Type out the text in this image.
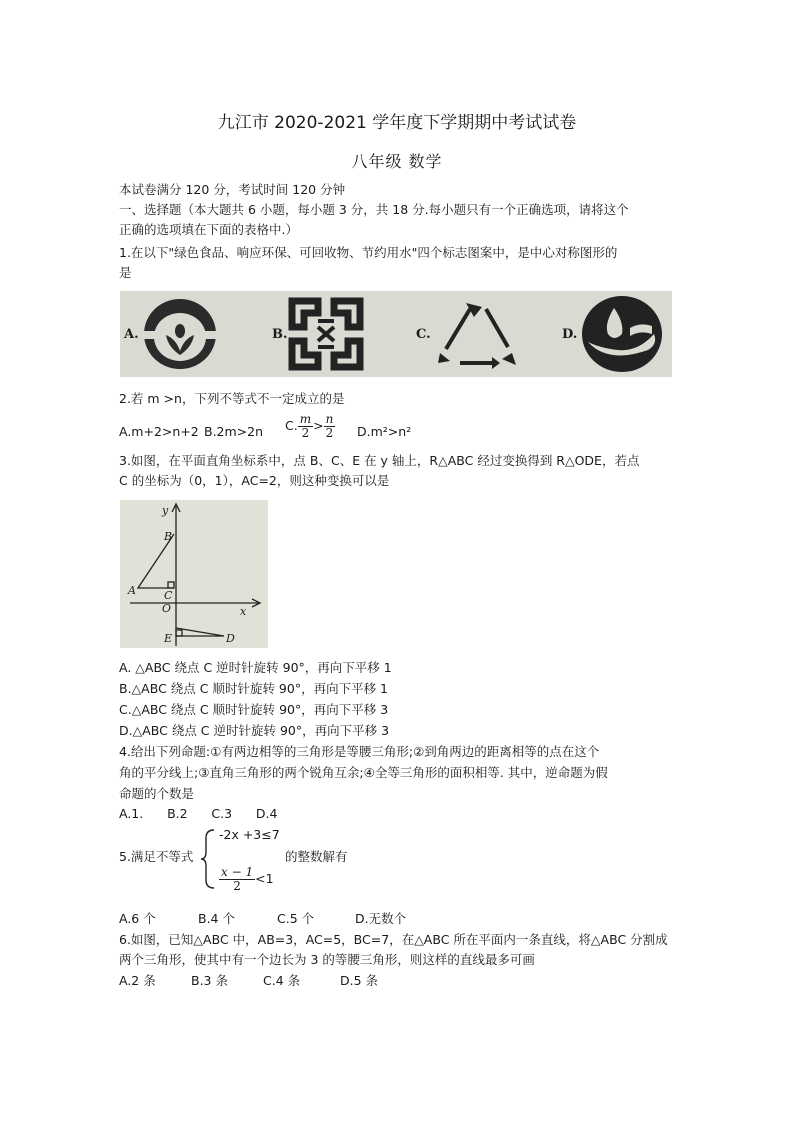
九江市 2020-2021 学年度下学期期中考试试卷
八年级 数学
本试卷满分 120 分，考试时间 120 分钟
一、选择题（本大题共 6 小题，每小题 3 分，共 18 分.每小题只有一个正确选项，请将这个
正确的选项填在下面的表格中.）
1.在以下"绿色食品、响应环保、可回收物、节约用水"四个标志图案中，是中心对称图形的
是
A.	B.	C.	D.
2.若 m >n，下列不等式不一定成立的是
A.m+2>n+2 B.2m>2n C. $\frac{m}{2} > \frac{n}{2} D.m^2>n^2$
3.如图，在平面直角坐标系中，点 B、C、E 在 y 轴上，R△ABC 经过变换得到 R△ODE，若点
C 的坐标为（0，1），AC=2，则这种变换可以是
y
x
B
A	C
O
E	D
A. △ABC 绕点 C 逆时针旋转 90°，再向下平移 1
B.△ABC 绕点 C 顺时针旋转 90°，再向下平移 1
C.△ABC 绕点 C 顺时针旋转 90°，再向下平移 3
D.△ABC 绕点 C 逆时针旋转 90°，再向下平移 3
4.给出下列命题:①有两边相等的三角形是等腰三角形;②到角两边的距离相等的点在这个
角的平分线上;③直角三角形的两个锐角互余;④全等三角形的面积相等. 其中，逆命题为假
命题的个数是
A.1.      B.2      C.3      D.4
5.满足不等式
-2x +3≤7
$\frac{x - 1}{2} <1$
的整数解有
A.6 个	B.4 个	C.5 个	D.无数个
6.如图，已知△ABC 中，AB=3，AC=5，BC=7，在△ABC 所在平面内一条直线，将△ABC 分割成
两个三角形，使其中有一个边长为 3 的等腰三角形，则这样的直线最多可画
A.2 条	B.3 条	C.4 条	D.5 条
